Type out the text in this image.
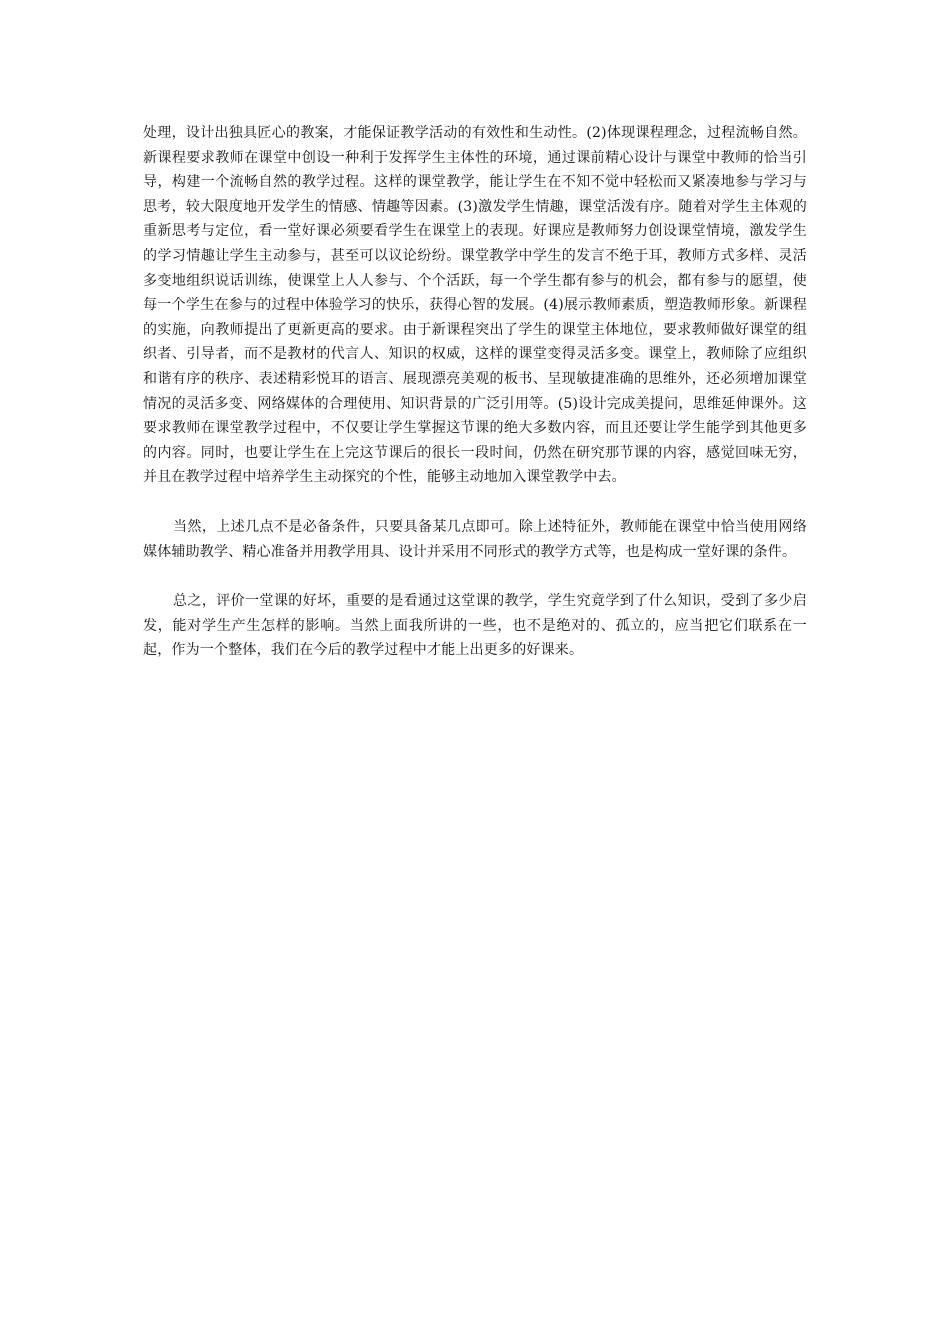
处理，设计出独具匠心的教案，才能保证教学活动的有效性和生动性。(2)体现课程理念，过程流畅自然。新课程要求教师在课堂中创设一种利于发挥学生主体性的环境，通过课前精心设计与课堂中教师的恰当引导，构建一个流畅自然的教学过程。这样的课堂教学，能让学生在不知不觉中轻松而又紧凑地参与学习与思考，较大限度地开发学生的情感、情趣等因素。(3)激发学生情趣，课堂活泼有序。随着对学生主体观的重新思考与定位，看一堂好课必须要看学生在课堂上的表现。好课应是教师努力创设课堂情境，激发学生的学习情趣让学生主动参与，甚至可以议论纷纷。课堂教学中学生的发言不绝于耳，教师方式多样、灵活多变地组织说话训练，使课堂上人人参与、个个活跃，每一个学生都有参与的机会，都有参与的愿望，使每一个学生在参与的过程中体验学习的快乐，获得心智的发展。(4)展示教师素质，塑造教师形象。新课程的实施，向教师提出了更新更高的要求。由于新课程突出了学生的课堂主体地位，要求教师做好课堂的组织者、引导者，而不是教材的代言人、知识的权威，这样的课堂变得灵活多变。课堂上，教师除了应组织和谐有序的秩序、表述精彩悦耳的语言、展现漂亮美观的板书、呈现敏捷准确的思维外，还必须增加课堂情况的灵活多变、网络媒体的合理使用、知识背景的广泛引用等。(5)设计完成美提问，思维延伸课外。这要求教师在课堂教学过程中，不仅要让学生掌握这节课的绝大多数内容，而且还要让学生能学到其他更多的内容。同时，也要让学生在上完这节课后的很长一段时间，仍然在研究那节课的内容，感觉回味无穷，并且在教学过程中培养学生主动探究的个性，能够主动地加入课堂教学中去。

当然，上述几点不是必备条件，只要具备某几点即可。除上述特征外，教师能在课堂中恰当使用网络媒体辅助教学、精心准备并用教学用具、设计并采用不同形式的教学方式等，也是构成一堂好课的条件。

总之，评价一堂课的好坏，重要的是看通过这堂课的教学，学生究竟学到了什么知识，受到了多少启发，能对学生产生怎样的影响。当然上面我所讲的一些，也不是绝对的、孤立的，应当把它们联系在一起，作为一个整体，我们在今后的教学过程中才能上出更多的好课来。
